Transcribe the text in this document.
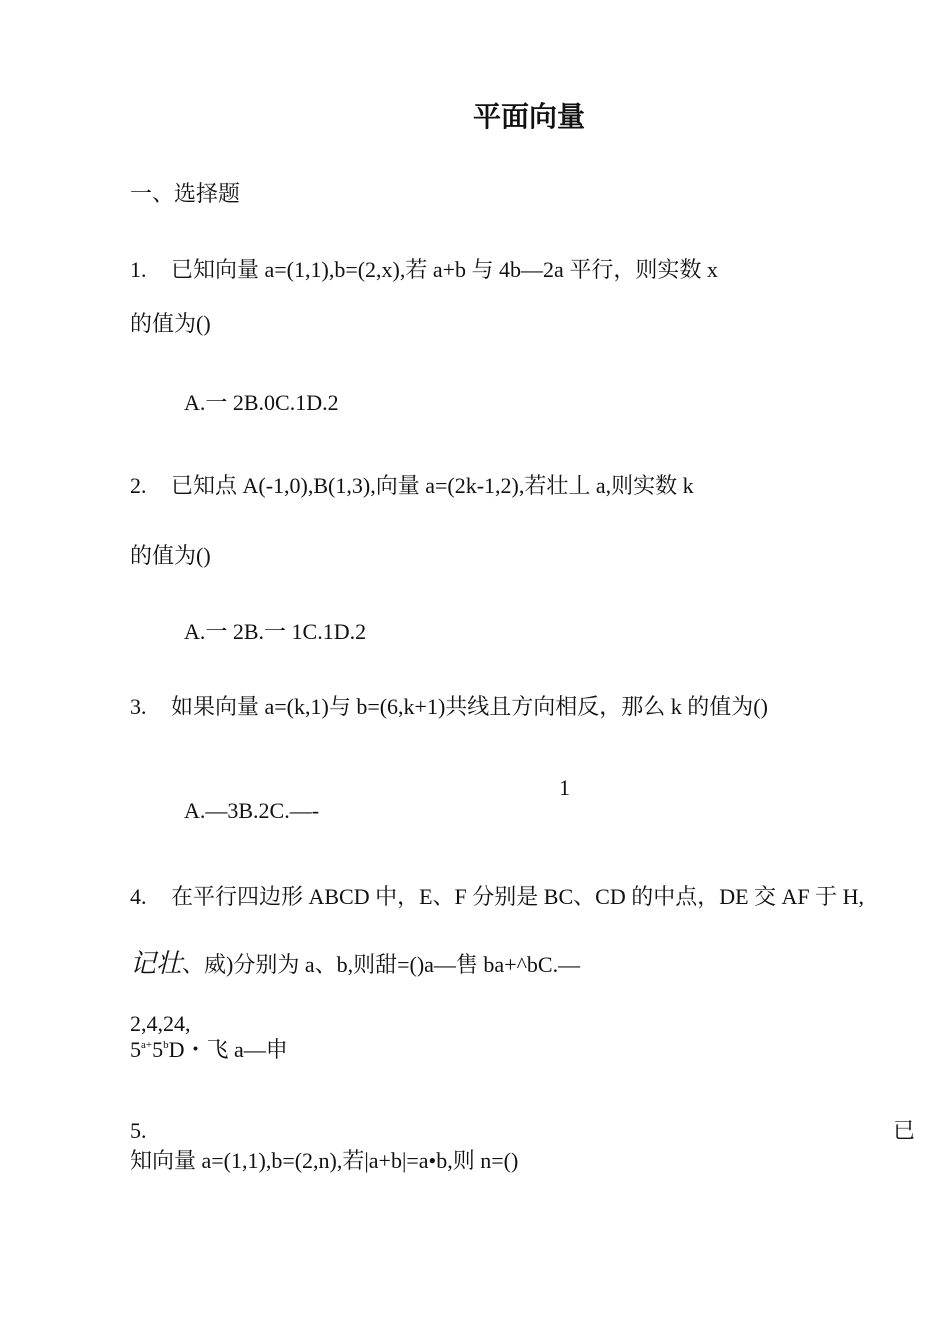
平面向量
一、选择题
1. 已知向量 a=(1,1),b=(2,x),若 a+b 与 4b—2a 平行，则实数 x
的值为()
A.一 2B.0C.1D.2
2. 已知点 A(-1,0),B(1,3),向量 a=(2k-1,2),若壮丄 a,则实数 k
的值为()
A.一 2B.一 1C.1D.2
3. 如果向量 a=(k,1)与 b=(6,k+1)共线且方向相反，那么 k 的值为()
1
A.—3B.2C.—-
4. 在平行四边形 ABCD 中，E、F 分别是 BC、CD 的中点，DE 交 AF 于 H,
记壮、威)分别为 a、b,则甜=()a—售 ba+^bC.—
2,4,24,
$5^{a+}5^bD$・飞 a—申
5.	已
知向量 a=(1,1),b=(2,n),若|a+b|=a•b,则 n=()
